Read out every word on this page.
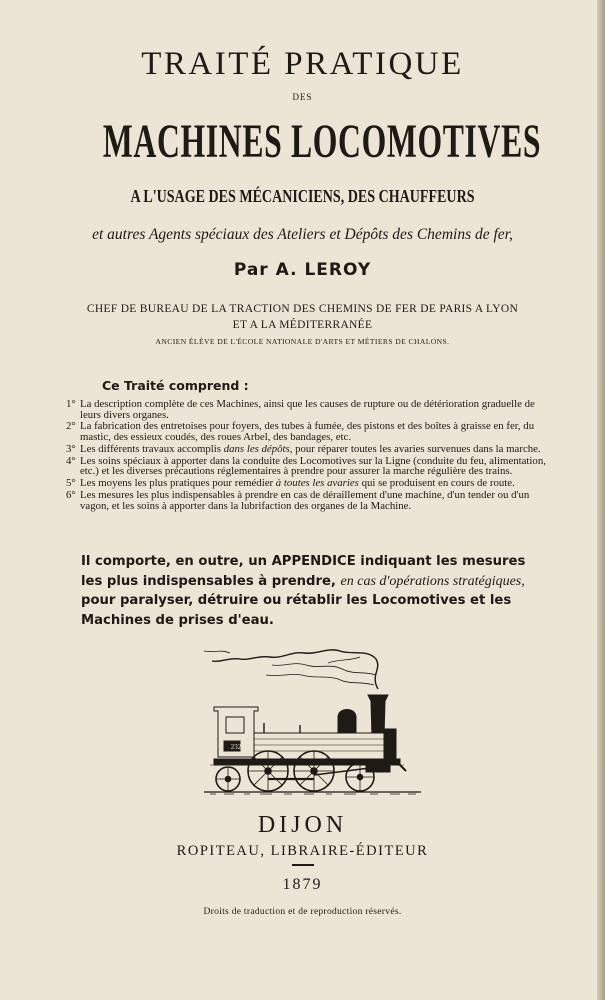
TRAITÉ PRATIQUE
DES
MACHINES LOCOMOTIVES
A L'USAGE DES MÉCANICIENS, DES CHAUFFEURS
et autres Agents spéciaux des Ateliers et Dépôts des Chemins de fer,
Par A. LEROY
CHEF DE BUREAU DE LA TRACTION DES CHEMINS DE FER DE PARIS A LYON
ET A LA MÉDITERRANÉE
ANCIEN ÉLÈVE DE L'ÉCOLE NATIONALE D'ARTS ET MÉTIERS DE CHALONS.
Ce Traité comprend :
1° La description complète de ces Machines, ainsi que les causes de rupture ou de détérioration graduelle de leurs divers organes.
2° La fabrication des entretoises pour foyers, des tubes à fumée, des pistons et des boîtes à graisse en fer, du mastic, des essieux coudés, des roues Arbel, des bandages, etc.
3° Les différents travaux accomplis dans les dépôts, pour réparer toutes les avaries survenues dans la marche.
4° Les soins spéciaux à apporter dans la conduite des Locomotives sur la Ligne (conduite du feu, alimentation, etc.) et les diverses précautions réglementaires à prendre pour assurer la marche régulière des trains.
5° Les moyens les plus pratiques pour remédier à toutes les avaries qui se produisent en cours de route.
6° Les mesures les plus indispensables à prendre en cas de déraillement d'une machine, d'un tender ou d'un vagon, et les soins à apporter dans la lubrifaction des organes de la Machine.
Il comporte, en outre, un APPENDICE indiquant les mesures les plus indispensables à prendre, en cas d'opérations stratégiques, pour paralyser, détruire ou rétablir les Locomotives et les Machines de prises d'eau.
232
DIJON
ROPITEAU, LIBRAIRE-ÉDITEUR
1879
Droits de traduction et de reproduction réservés.
